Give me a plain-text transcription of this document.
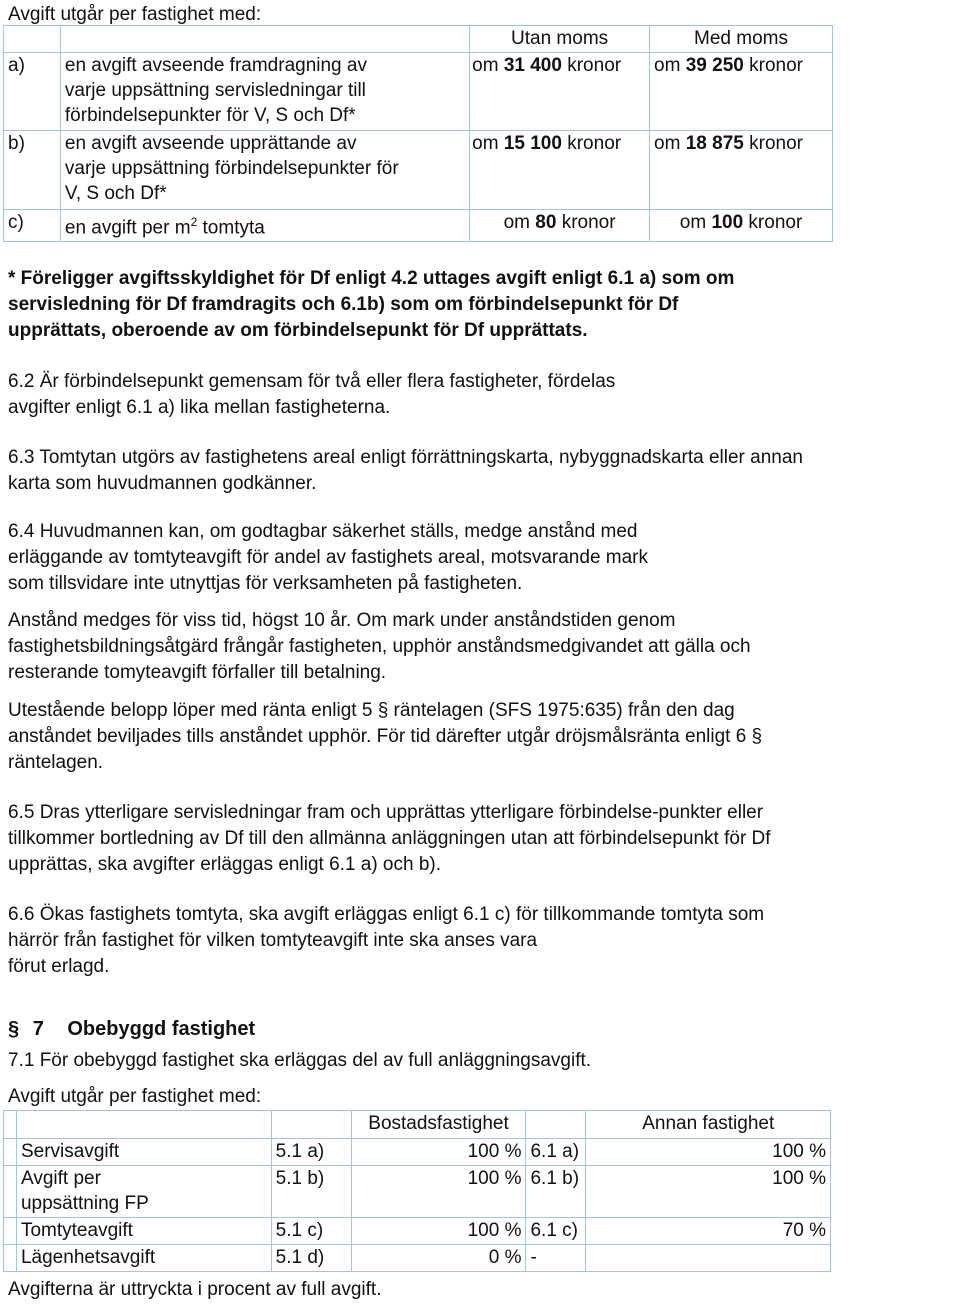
Avgift utgår per fastighet med:
		Utan moms	Med moms
a)	en avgift avseende framdragning av
varje uppsättning servisledningar till
förbindelsepunkter för V, S och Df*	om 31 400 kronor	om 39 250 kronor
b)	en avgift avseende upprättande av
varje uppsättning förbindelsepunkter för
V, S och Df*	om 15 100 kronor	om 18 875 kronor
c)	en avgift per $m^2$ tomtyta	om 80 kronor	om 100 kronor
* Föreligger avgiftsskyldighet för Df enligt 4.2 uttages avgift enligt 6.1 a) som om
servisledning för Df framdragits och 6.1b) som om förbindelsepunkt för Df
upprättats, oberoende av om förbindelsepunkt för Df upprättats.
6.2 Är förbindelsepunkt gemensam för två eller flera fastigheter, fördelas
avgifter enligt 6.1 a) lika mellan fastigheterna.
6.3 Tomtytan utgörs av fastighetens areal enligt förrättningskarta, nybyggnadskarta eller annan
karta som huvudmannen godkänner.
6.4 Huvudmannen kan, om godtagbar säkerhet ställs, medge anstånd med
erläggande av tomtyteavgift för andel av fastighets areal, motsvarande mark
som tillsvidare inte utnyttjas för verksamheten på fastigheten.
Anstånd medges för viss tid, högst 10 år. Om mark under anståndstiden genom
fastighetsbildningsåtgärd frångår fastigheten, upphör anståndsmedgivandet att gälla och
resterande tomyteavgift förfaller till betalning.
Utestående belopp löper med ränta enligt 5 § räntelagen (SFS 1975:635) från den dag
anståndet beviljades tills anståndet upphör. För tid därefter utgår dröjsmålsränta enligt 6 §
räntelagen.
6.5 Dras ytterligare servisledningar fram och upprättas ytterligare förbindelse-punkter eller
tillkommer bortledning av Df till den allmänna anläggningen utan att förbindelsepunkt för Df
upprättas, ska avgifter erläggas enligt 6.1 a) och b).
6.6 Ökas fastighets tomtyta, ska avgift erläggas enligt 6.1 c) för tillkommande tomtyta som
härrör från fastighet för vilken tomtyteavgift inte ska anses vara
förut erlagd.
§ 7 Obebyggd fastighet
7.1 För obebyggd fastighet ska erläggas del av full anläggningsavgift.
Avgift utgår per fastighet med:
			Bostadsfastighet		Annan fastighet
	Servisavgift	5.1 a)	100 %	6.1 a)	100 %
	Avgift per
uppsättning FP	5.1 b)	100 %	6.1 b)	100 %
	Tomtyteavgift	5.1 c)	100 %	6.1 c)	70 %
	Lägenhetsavgift	5.1 d)	0 %	-	
Avgifterna är uttryckta i procent av full avgift.
